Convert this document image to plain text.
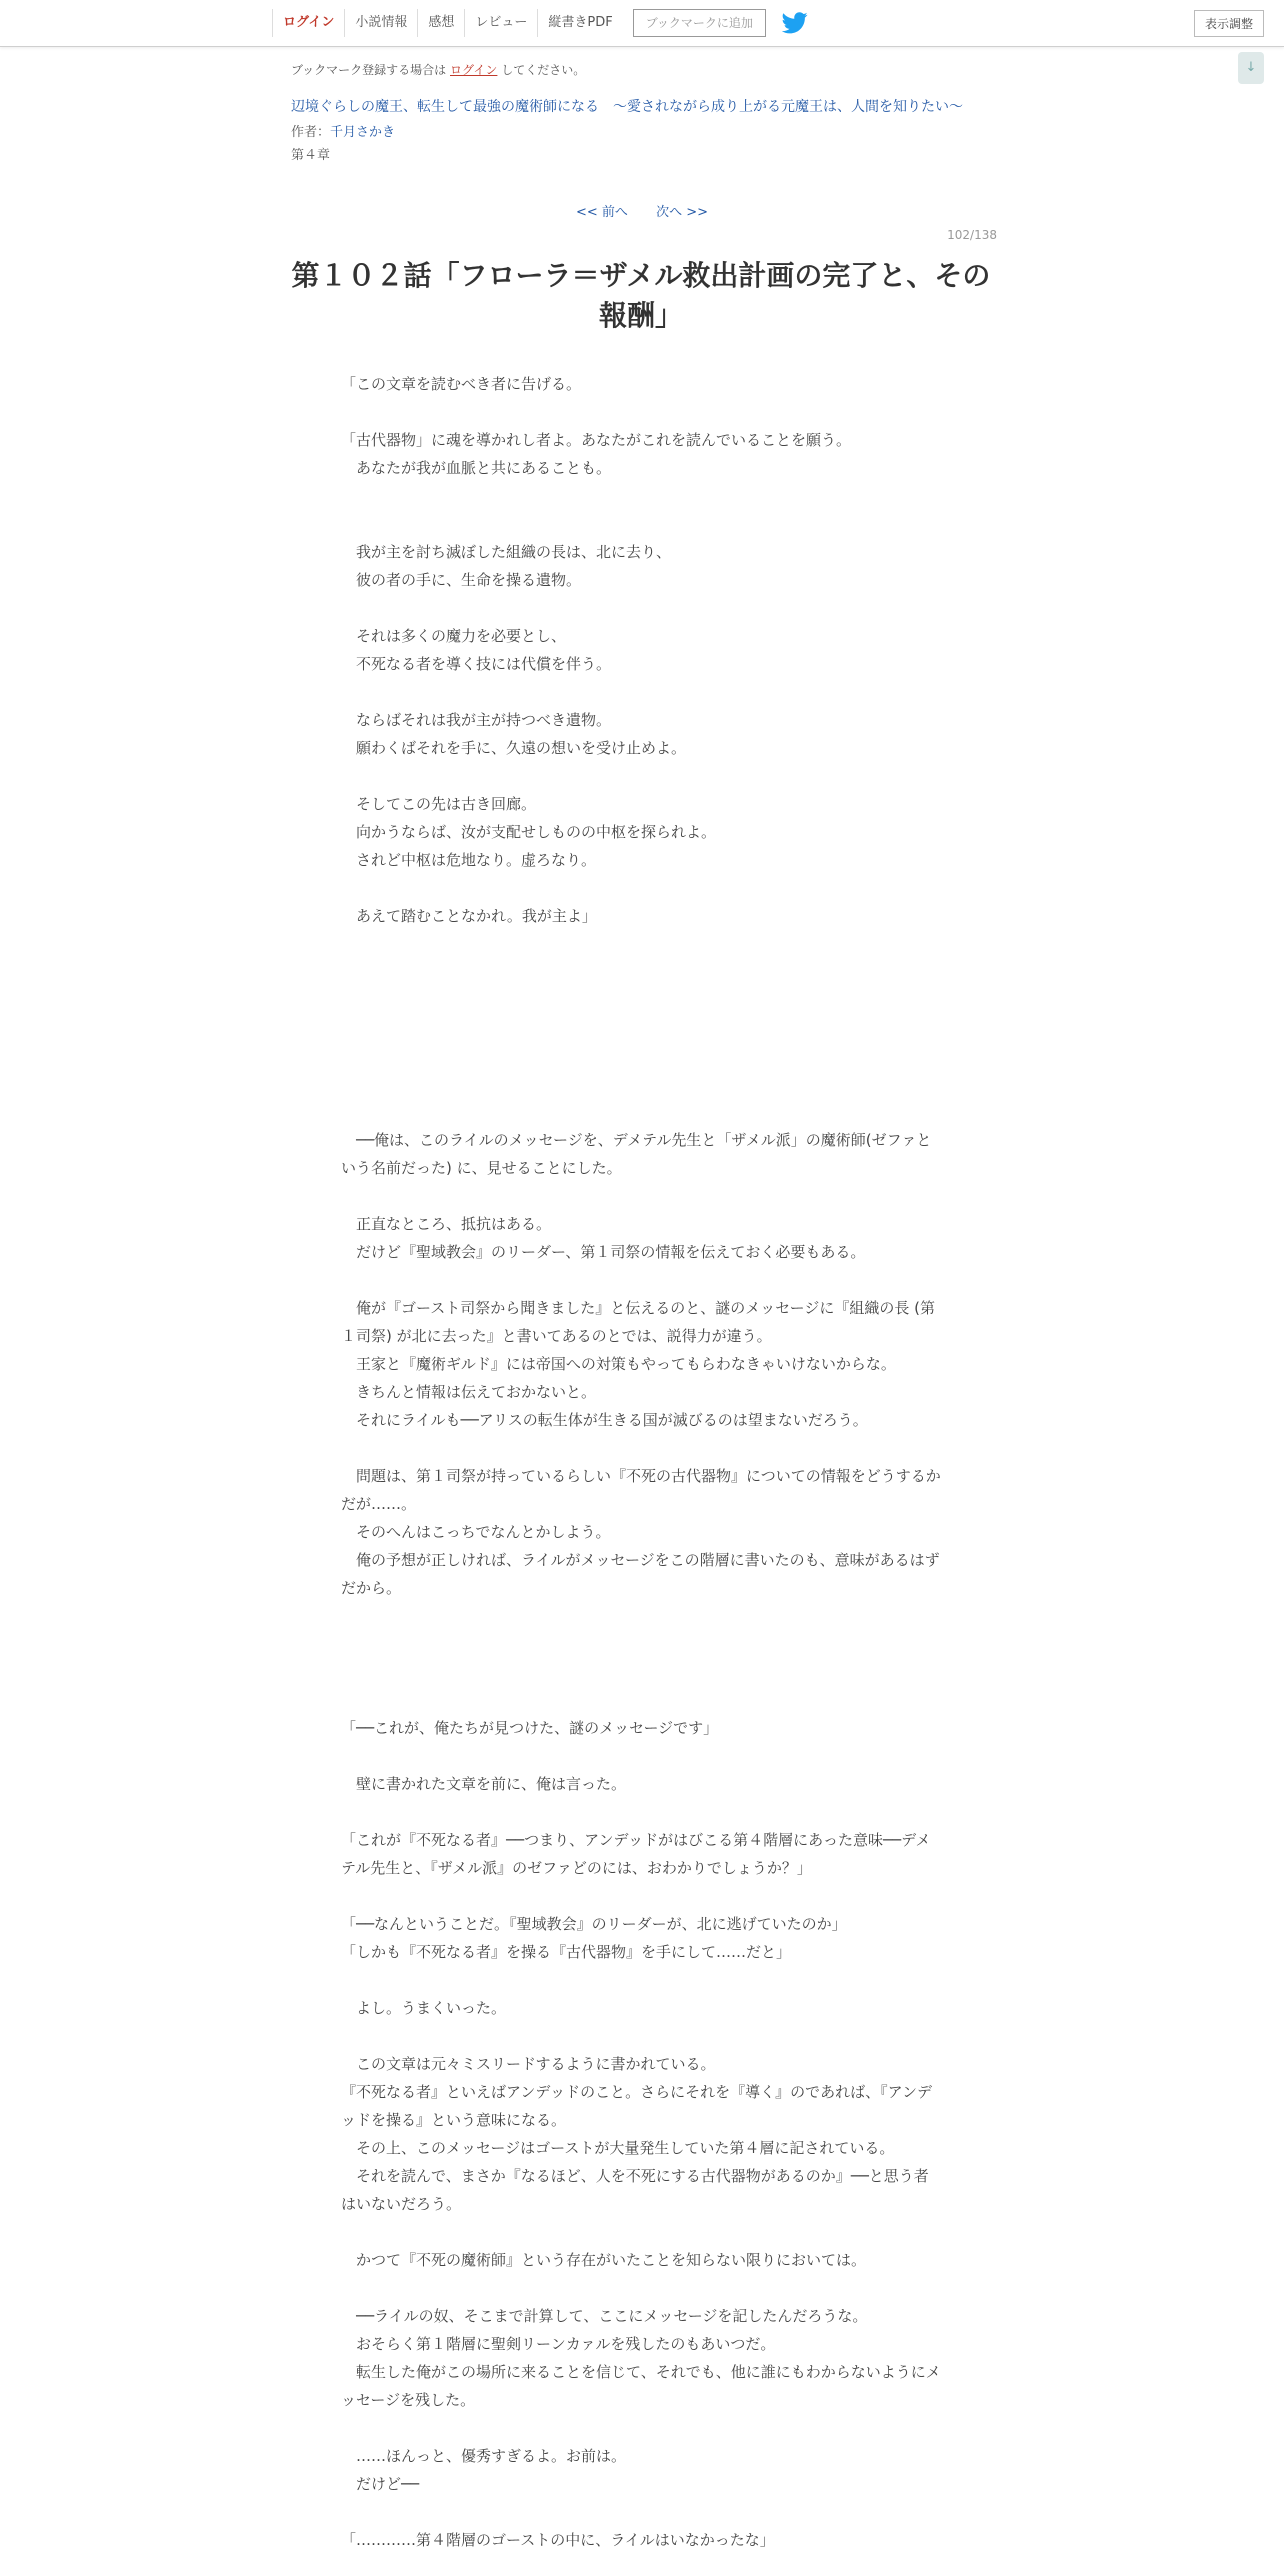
ログイン	小説情報	感想	レビュー	縦書きPDF	ブックマークに追加	表示調整
↓
ブックマーク登録する場合は ログイン してください。
辺境ぐらしの魔王、転生して最強の魔術師になる　〜愛されながら成り上がる元魔王は、人間を知りたい〜
作者：千月さかき
第４章
<< 前へ 次へ >>
102/138
第１０２話「フローラ＝ザメル救出計画の完了と、その報酬」

「この文章を読むべき者に告げる。

「古代器物」に魂を導かれし者よ。あなたがこれを読んでいることを願う。

　あなたが我が血脈と共にあることも。

　我が主を討ち滅ぼした組織の長は、北に去り、

　彼の者の手に、生命を操る遺物。

　それは多くの魔力を必要とし、

　不死なる者を導く技には代償を伴う。

　ならばそれは我が主が持つべき遺物。

　願わくばそれを手に、久遠の想いを受け止めよ。

　そしてこの先は古き回廊。

　向かうならば、汝が支配せしものの中枢を探られよ。

　されど中枢は危地なり。虚ろなり。

　あえて踏むことなかれ。我が主よ」

　──俺は、このライルのメッセージを、デメテル先生と「ザメル派」の魔術師(ゼファという名前だった) に、見せることにした。

　正直なところ、抵抗はある。

　だけど『聖域教会』のリーダー、第１司祭の情報を伝えておく必要もある。

　俺が『ゴースト司祭から聞きました』と伝えるのと、謎のメッセージに『組織の長 (第１司祭) が北に去った』と書いてあるのとでは、説得力が違う。

　王家と『魔術ギルド』には帝国への対策もやってもらわなきゃいけないからな。

　きちんと情報は伝えておかないと。

　それにライルも──アリスの転生体が生きる国が滅びるのは望まないだろう。

　問題は、第１司祭が持っているらしい『不死の古代器物』についての情報をどうするかだが……。

　そのへんはこっちでなんとかしよう。

　俺の予想が正しければ、ライルがメッセージをこの階層に書いたのも、意味があるはずだから。

「──これが、俺たちが見つけた、謎のメッセージです」

　壁に書かれた文章を前に、俺は言った。

「これが『不死なる者』──つまり、アンデッドがはびこる第４階層にあった意味──デメテル先生と、『ザメル派』のゼファどのには、おわかりでしょうか？」

「──なんということだ。『聖域教会』のリーダーが、北に逃げていたのか」

「しかも『不死なる者』を操る『古代器物』を手にして……だと」

　よし。うまくいった。

　この文章は元々ミスリードするように書かれている。

『不死なる者』といえばアンデッドのこと。さらにそれを『導く』のであれば、『アンデッドを操る』という意味になる。

　その上、このメッセージはゴーストが大量発生していた第４層に記されている。

　それを読んで、まさか『なるほど、人を不死にする古代器物があるのか』──と思う者はいないだろう。

　かつて『不死の魔術師』という存在がいたことを知らない限りにおいては。

　──ライルの奴、そこまで計算して、ここにメッセージを記したんだろうな。

　おそらく第１階層に聖剣リーンカァルを残したのもあいつだ。

　転生した俺がこの場所に来ることを信じて、それでも、他に誰にもわからないようにメッセージを残した。

　……ほんっと、優秀すぎるよ。お前は。

　だけど──

「…………第４階層のゴーストの中に、ライルはいなかったな」
